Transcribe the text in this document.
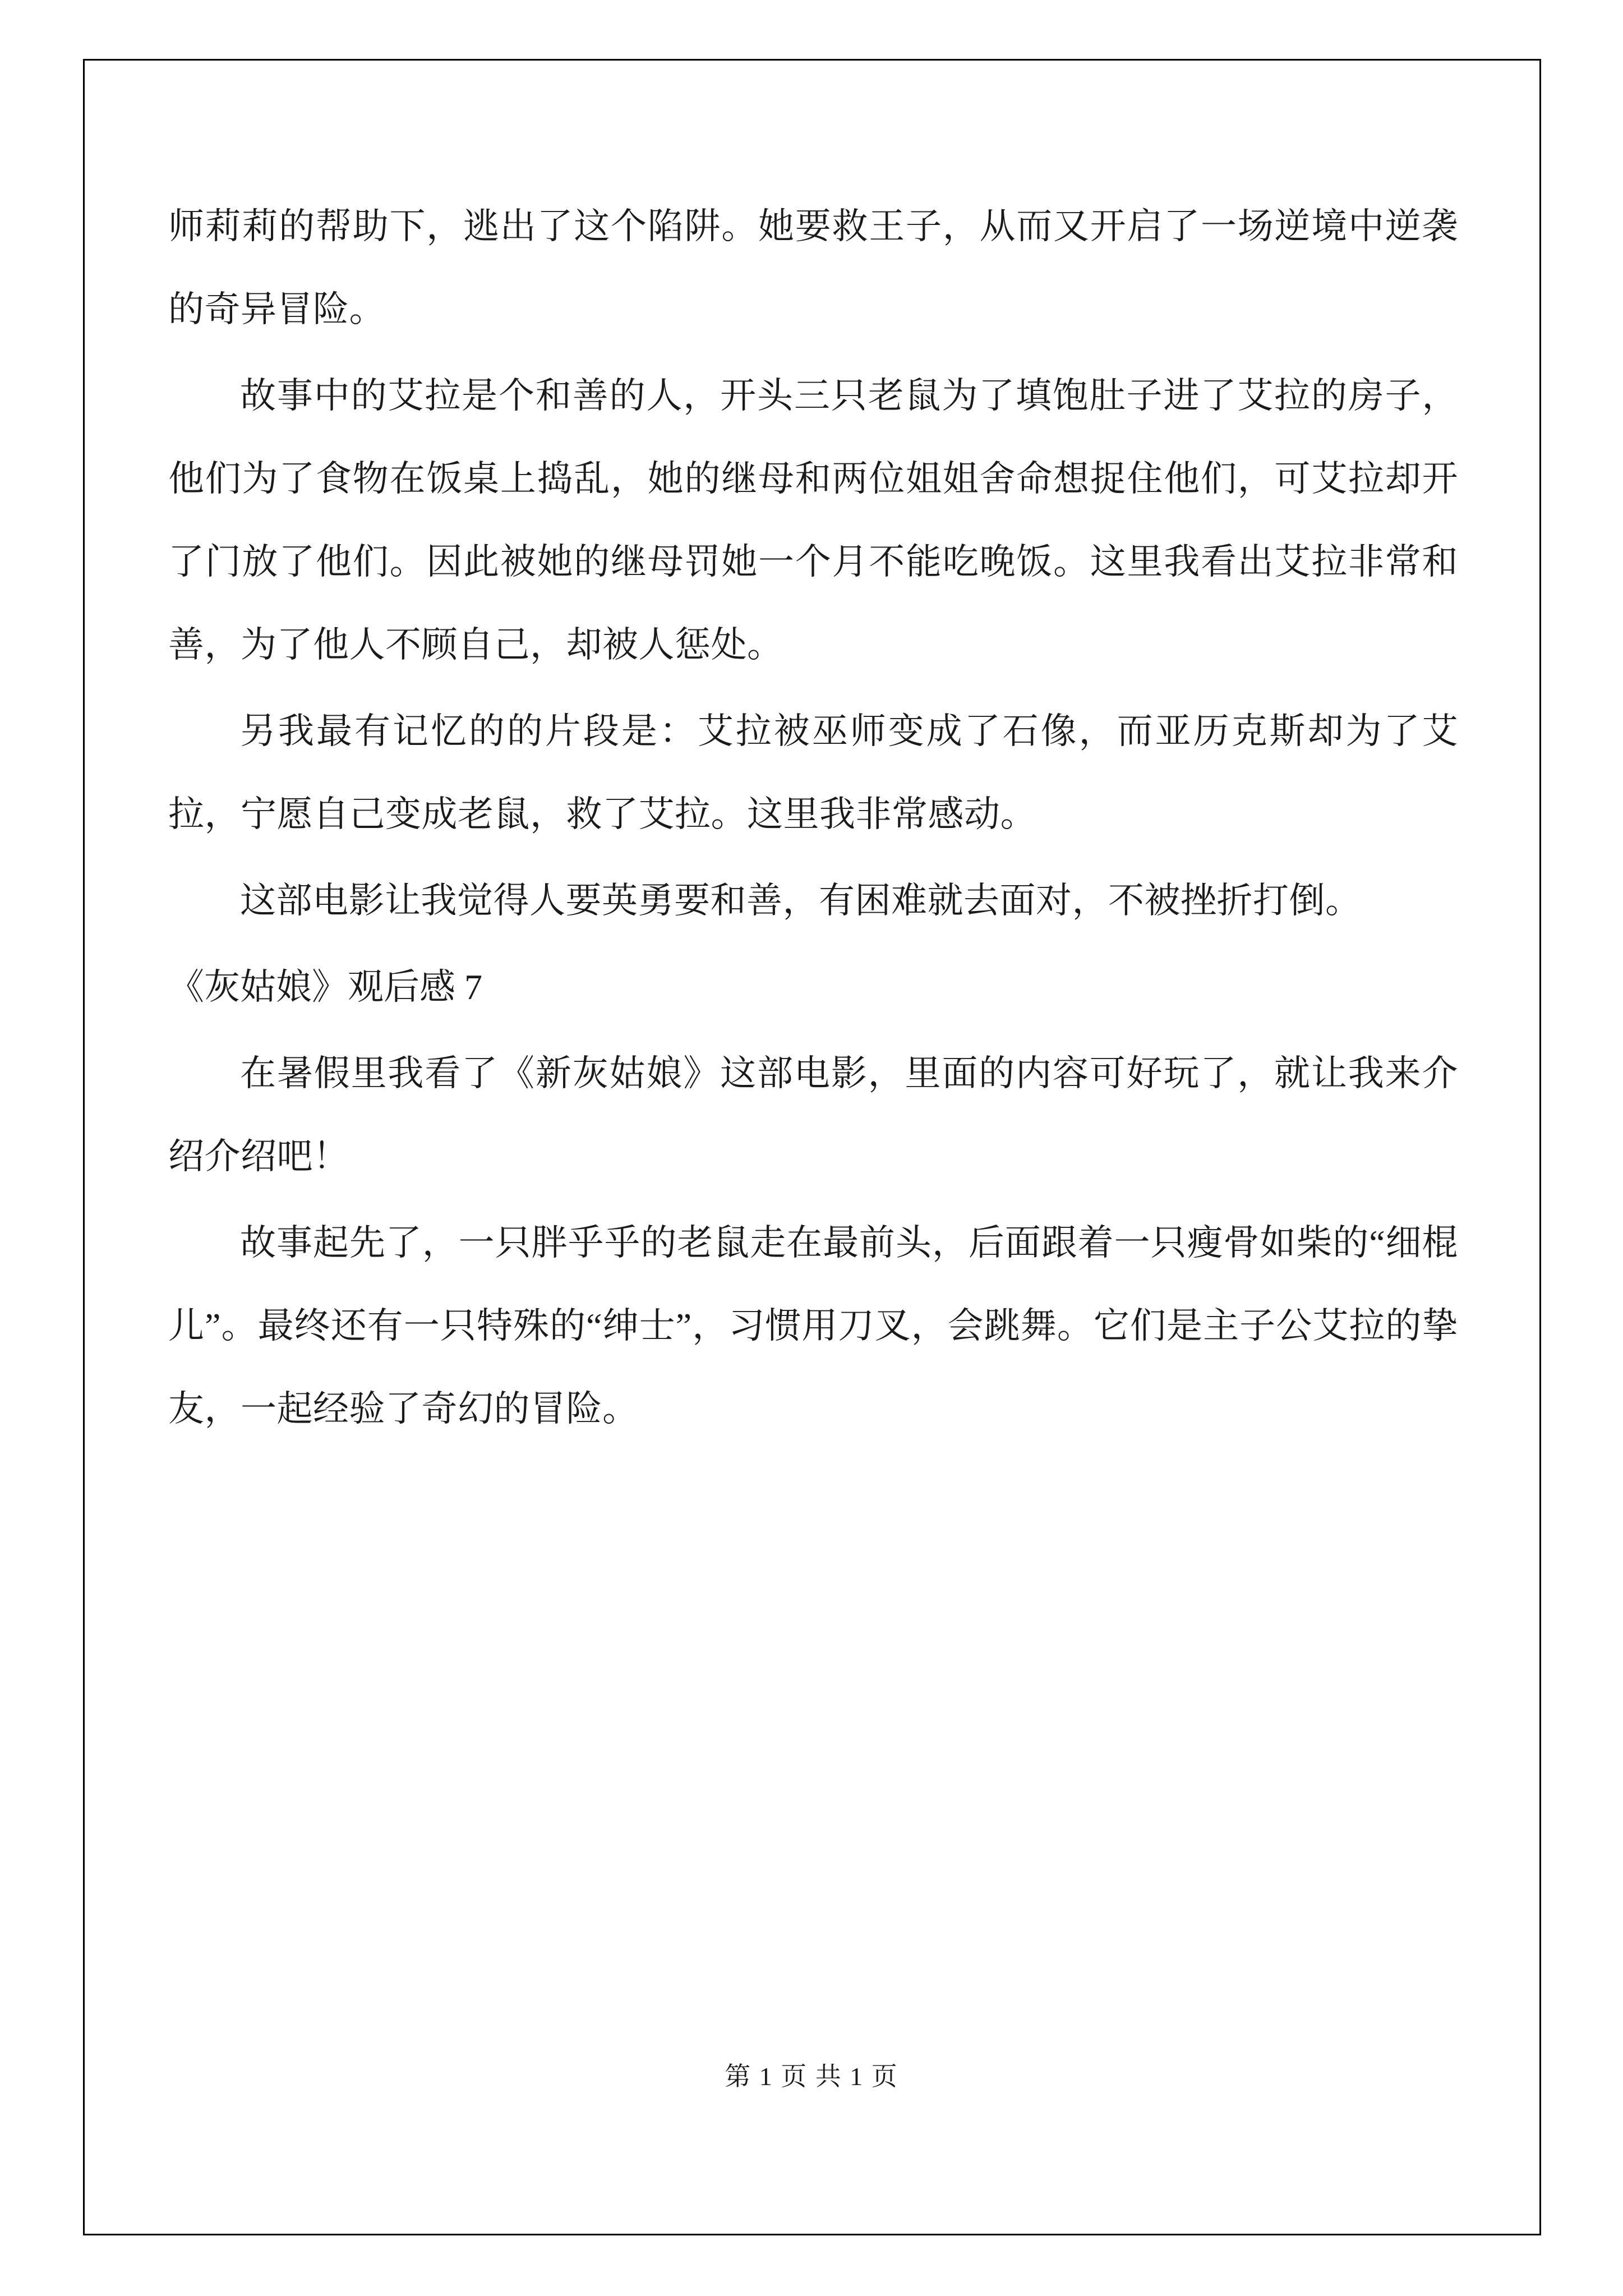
师莉莉的帮助下，逃出了这个陷阱。她要救王子，从而又开启了一场逆境中逆袭的奇异冒险。

故事中的艾拉是个和善的人，开头三只老鼠为了填饱肚子进了艾拉的房子，他们为了食物在饭桌上捣乱，她的继母和两位姐姐舍命想捉住他们，可艾拉却开了门放了他们。因此被她的继母罚她一个月不能吃晚饭。这里我看出艾拉非常和善，为了他人不顾自己，却被人惩处。

另我最有记忆的的片段是：艾拉被巫师变成了石像，而亚历克斯却为了艾拉，宁愿自己变成老鼠，救了艾拉。这里我非常感动。

这部电影让我觉得人要英勇要和善，有困难就去面对，不被挫折打倒。

《灰姑娘》观后感 7

在暑假里我看了《新灰姑娘》这部电影，里面的内容可好玩了，就让我来介绍介绍吧！

故事起先了，一只胖乎乎的老鼠走在最前头，后面跟着一只瘦骨如柴的“细棍儿”。最终还有一只特殊的“绅士”，习惯用刀叉，会跳舞。它们是主子公艾拉的挚友，一起经验了奇幻的冒险。

第 1 页 共 1 页
